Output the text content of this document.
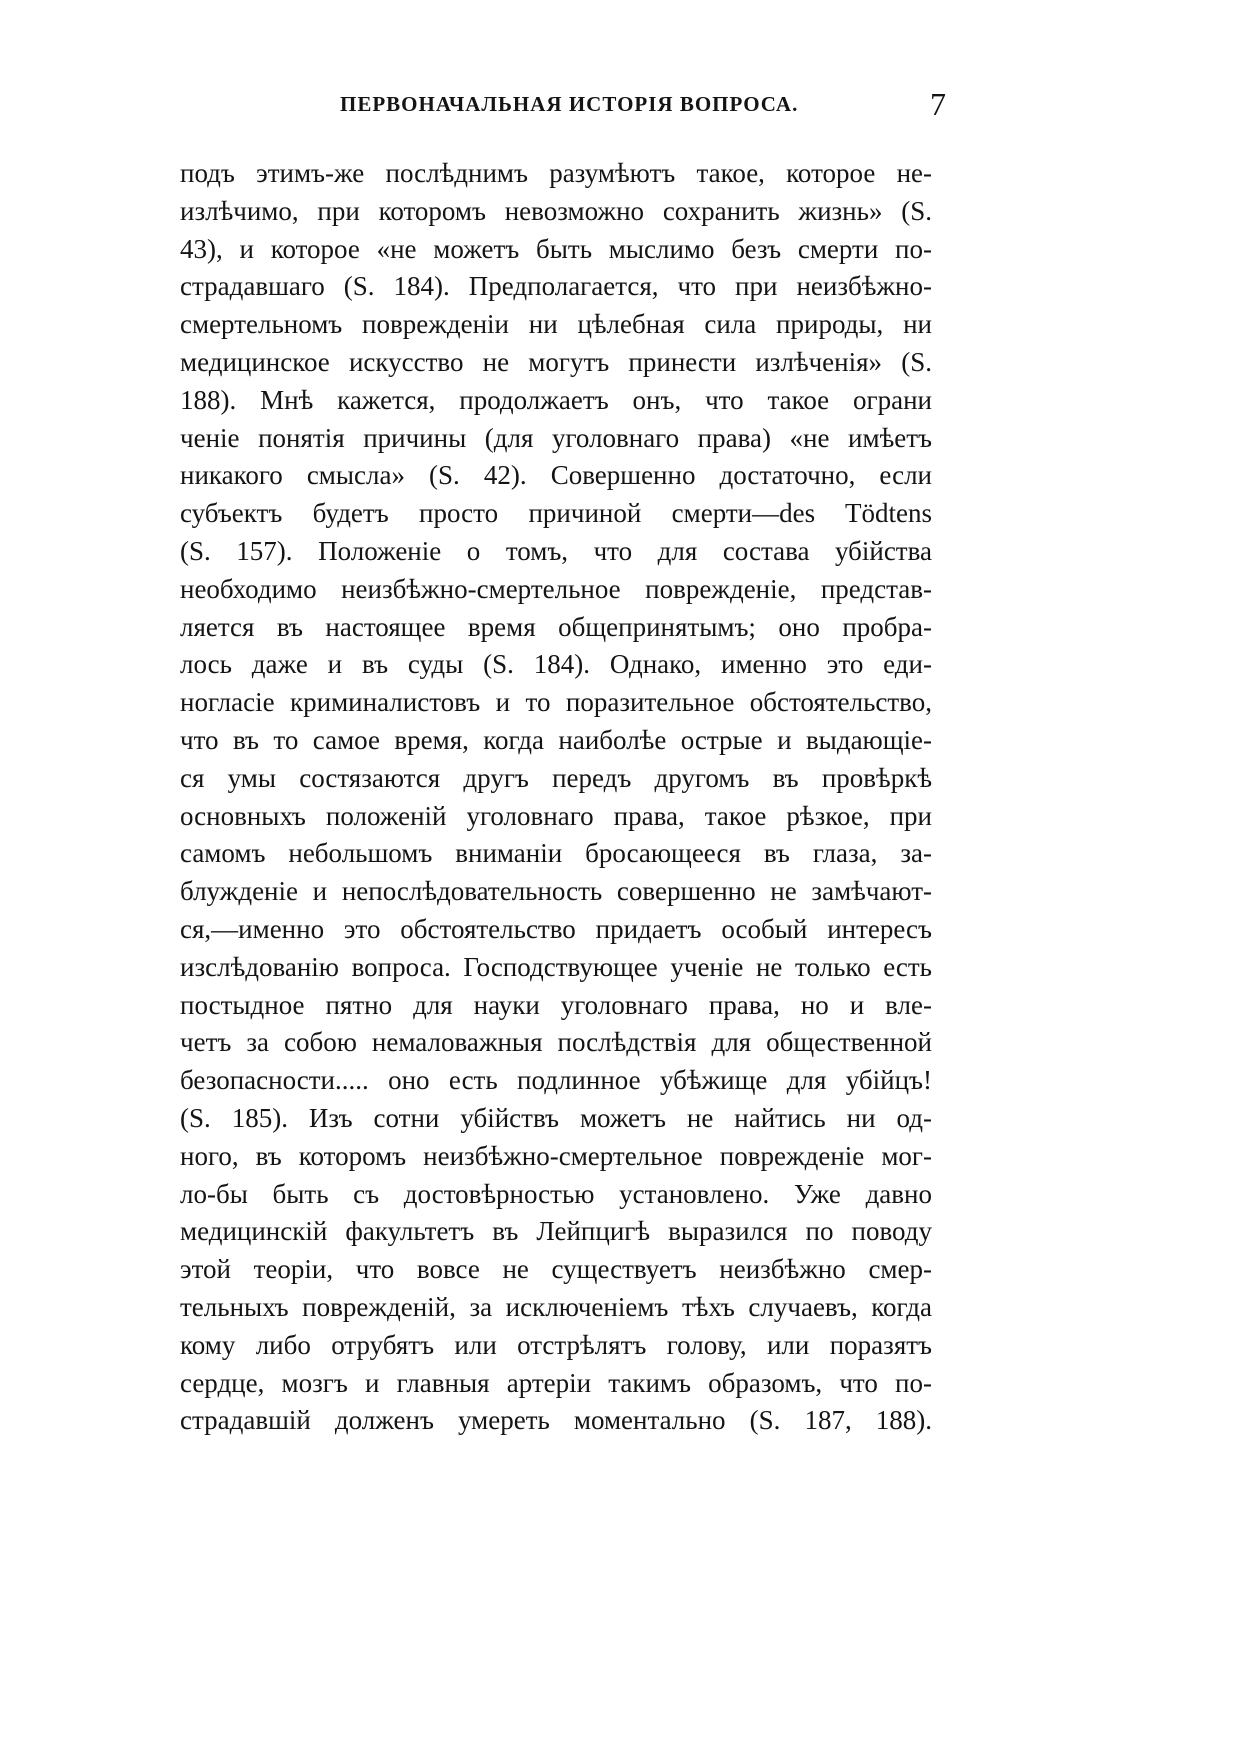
ПЕРВОНАЧАЛЬНАЯ ИСТОРІЯ ВОПРОСА.	7
подъ этимъ-же послѣднимъ разумѣютъ такое, которое не-
излѣчимо, при которомъ невозможно сохранить жизнь» (S.
43), и которое «не можетъ быть мыслимо безъ смерти по-
страдавшаго (S. 184). Предполагается, что при неизбѣжно-
смертельномъ поврежденіи ни цѣлебная сила природы, ни
медицинское искусство не могутъ принести излѣченія» (S.
188). Мнѣ кажется, продолжаетъ онъ, что такое ограни
ченіе понятія причины (для уголовнаго права) «не имѣетъ
никакого смысла» (S. 42). Совершенно достаточно, если
субъектъ будетъ просто причиной смерти—des Tödtens
(S. 157). Положеніе о томъ, что для состава убійства
необходимо неизбѣжно-смертельное поврежденіе, представ-
ляется въ настоящее время общепринятымъ; оно пробра-
лось даже и въ суды (S. 184). Однако, именно это еди-
ногласіе криминалистовъ и то поразительное обстоятельство,
что въ то самое время, когда наиболѣе острые и выдающіе-
ся умы состязаются другъ передъ другомъ въ провѣркѣ
основныхъ положеній уголовнаго права, такое рѣзкое, при
самомъ небольшомъ вниманіи бросающееся въ глаза, за-
блужденіе и непослѣдовательность совершенно не замѣчают-
ся,—именно это обстоятельство придаетъ особый интересъ
изслѣдованію вопроса. Господствующее ученіе не только есть
постыдное пятно для науки уголовнаго права, но и вле-
четъ за собою немаловажныя послѣдствія для общественной
безопасности..... оно есть подлинное убѣжище для убійцъ!
(S. 185). Изъ сотни убійствъ можетъ не найтись ни од-
ного, въ которомъ неизбѣжно-смертельное поврежденіе мог-
ло-бы быть съ достовѣрностью установлено. Уже давно
медицинскій факультетъ въ Лейпцигѣ выразился по поводу
этой теоріи, что вовсе не существуетъ неизбѣжно смер-
тельныхъ поврежденій, за исключеніемъ тѣхъ случаевъ, когда
кому либо отрубятъ или отстрѣлятъ голову, или поразятъ
сердце, мозгъ и главныя артеріи такимъ образомъ, что по-
страдавшій долженъ умереть моментально (S. 187, 188).
